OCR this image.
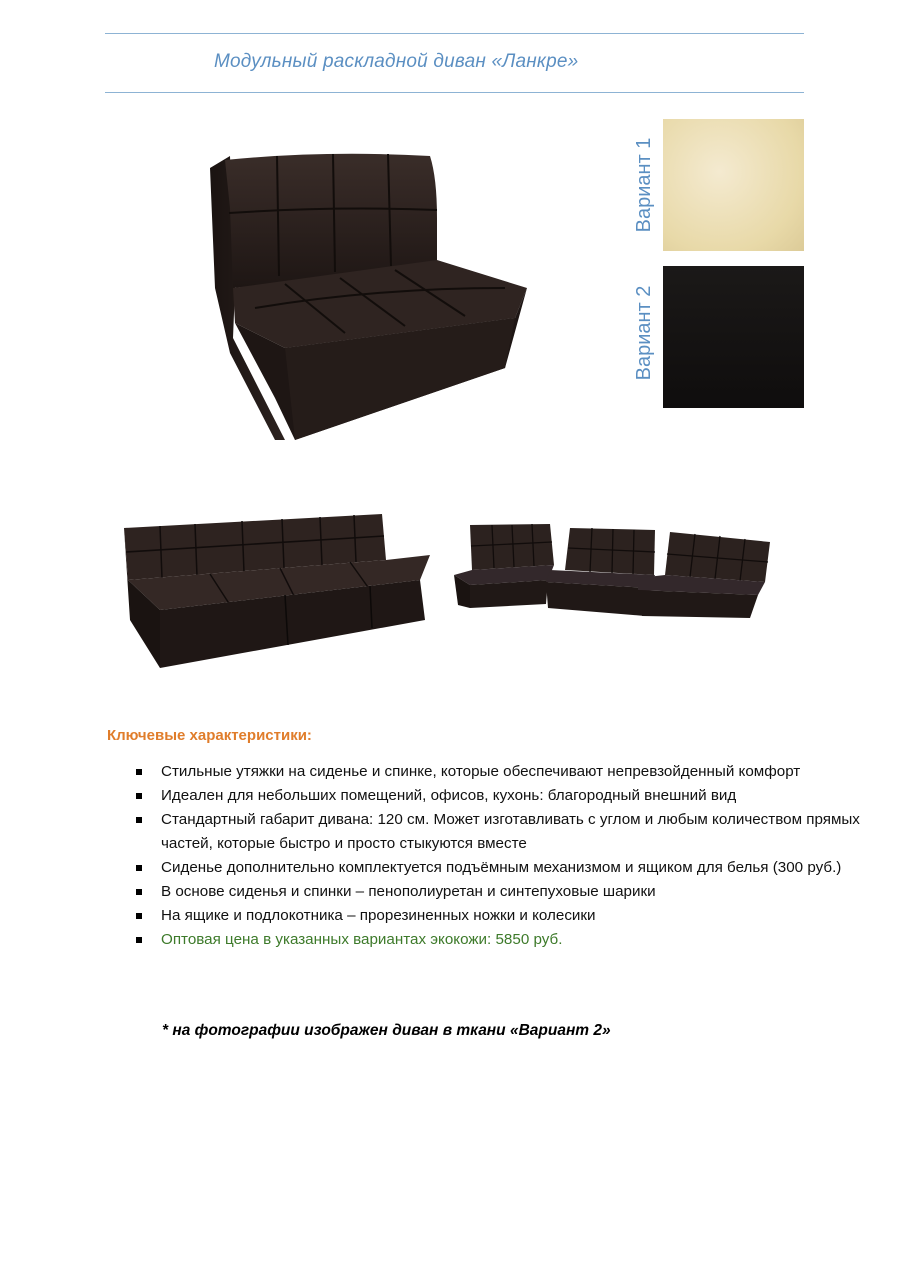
Модульный раскладной диван «Ланкре»
Вариант 1
Вариант 2
Ключевые характеристики:
Стильные утяжки на сиденье и спинке, которые обеспечивают непревзойденный комфорт
Идеален для небольших помещений, офисов, кухонь: благородный внешний вид
Стандартный габарит дивана: 120 см. Может изготавливать с углом и любым количеством прямых частей, которые быстро и просто стыкуются вместе
Сиденье дополнительно комплектуется подъёмным механизмом и ящиком для белья (300 руб.)
В основе сиденья и спинки – пенополиуретан и синтепуховые шарики
На ящике и подлокотника – прорезиненных ножки и колесики
Оптовая цена в указанных вариантах экокожи: 5850 руб.
* на фотографии изображен диван в ткани «Вариант 2»
